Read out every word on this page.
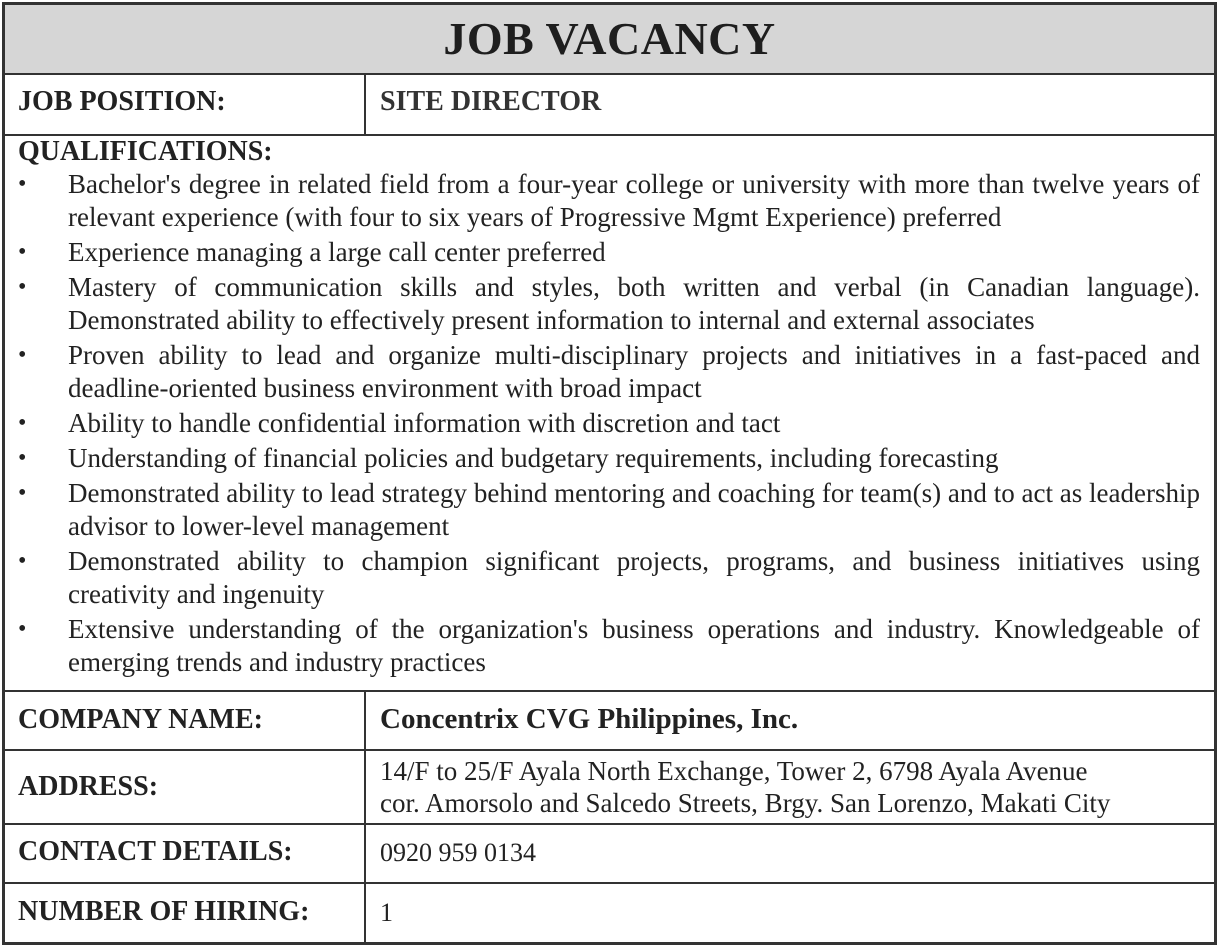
JOB VACANCY
JOB POSITION:	SITE DIRECTOR
QUALIFICATIONS:
• Bachelor's degree in related field from a four-year college or university with more than twelve years of relevant experience (with four to six years of Progressive Mgmt Experience) preferred
• Experience managing a large call center preferred
• Mastery of communication skills and styles, both written and verbal (in Canadian language). Demonstrated ability to effectively present information to internal and external associates
• Proven ability to lead and organize multi-disciplinary projects and initiatives in a fast-paced and deadline-oriented business environment with broad impact
• Ability to handle confidential information with discretion and tact
• Understanding of financial policies and budgetary requirements, including forecasting
• Demonstrated ability to lead strategy behind mentoring and coaching for team(s) and to act as leadership advisor to lower-level management
• Demonstrated ability to champion significant projects, programs, and business initiatives using creativity and ingenuity
• Extensive understanding of the organization's business operations and industry. Knowledgeable of emerging trends and industry practices
COMPANY NAME:	Concentrix CVG Philippines, Inc.
ADDRESS:	14/F to 25/F Ayala North Exchange, Tower 2, 6798 Ayala Avenue
cor. Amorsolo and Salcedo Streets, Brgy. San Lorenzo, Makati City
CONTACT DETAILS:	0920 959 0134
NUMBER OF HIRING:	1
